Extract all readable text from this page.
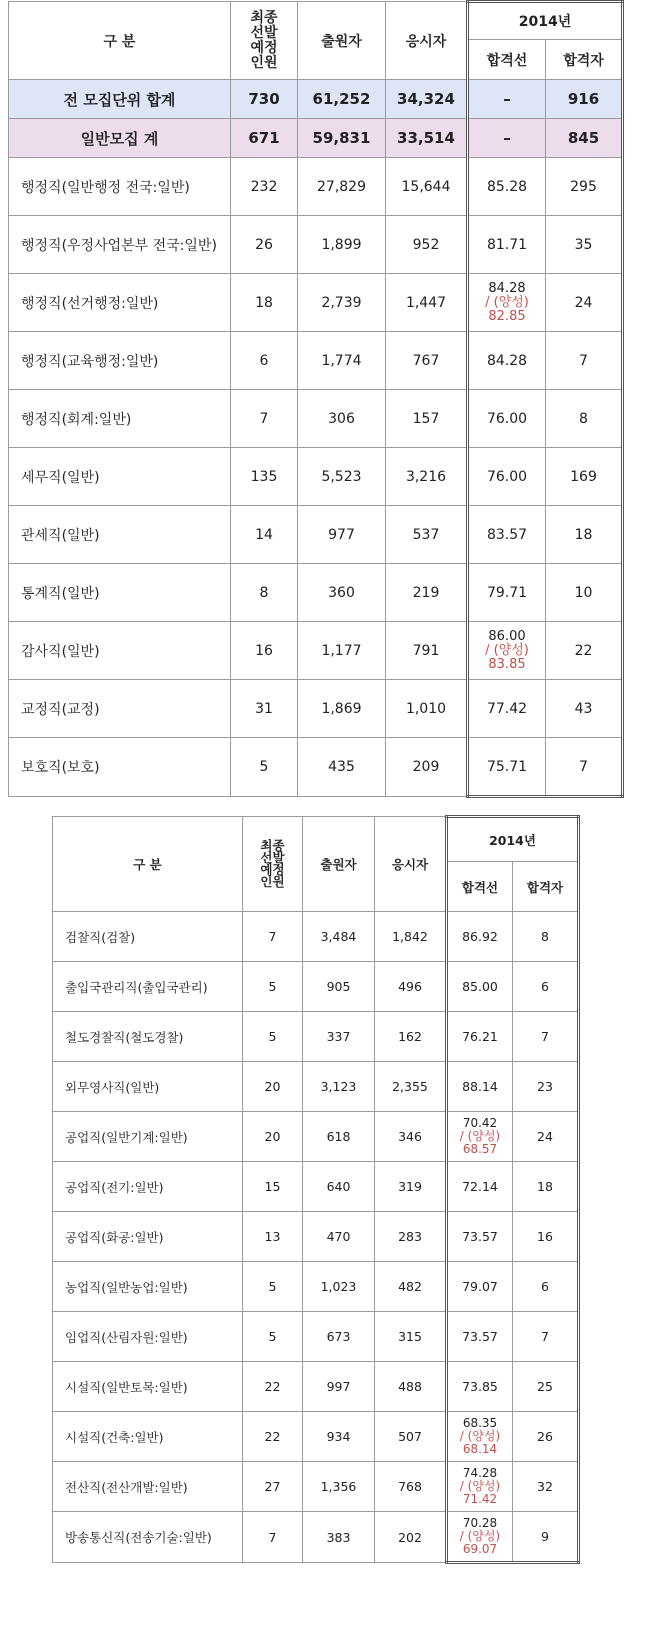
구 분	최종
선발
예정
인원	출원자	응시자	2014년	
				합격선	합격자
전 모집단위 합계	730	61,252	34,324	–	916
일반모집 계	671	59,831	33,514	–	845
행정직(일반행정 전국:일반)	232	27,829	15,644	85.28	295
행정직(우정사업본부 전국:일반)	26	1,899	952	81.71	35
행정직(선거행정:일반)	18	2,739	1,447	84.28
/ (양성)
82.85	24
행정직(교육행정:일반)	6	1,774	767	84.28	7
행정직(회계:일반)	7	306	157	76.00	8
세무직(일반)	135	5,523	3,216	76.00	169
관세직(일반)	14	977	537	83.57	18
통계직(일반)	8	360	219	79.71	10
감사직(일반)	16	1,177	791	86.00
/ (양성)
83.85	22
교정직(교정)	31	1,869	1,010	77.42	43
보호직(보호)	5	435	209	75.71	7
구 분	최종
선발
예정
인원	출원자	응시자	2014년	
				합격선	합격자
검찰직(검찰)	7	3,484	1,842	86.92	8
출입국관리직(출입국관리)	5	905	496	85.00	6
철도경찰직(철도경찰)	5	337	162	76.21	7
외무영사직(일반)	20	3,123	2,355	88.14	23
공업직(일반기계:일반)	20	618	346	70.42
/ (양성)
68.57	24
공업직(전기:일반)	15	640	319	72.14	18
공업직(화공:일반)	13	470	283	73.57	16
농업직(일반농업:일반)	5	1,023	482	79.07	6
임업직(산림자원:일반)	5	673	315	73.57	7
시설직(일반토목:일반)	22	997	488	73.85	25
시설직(건축:일반)	22	934	507	68.35
/ (양성)
68.14	26
전산직(전산개발:일반)	27	1,356	768	74.28
/ (양성)
71.42	32
방송통신직(전송기술:일반)	7	383	202	70.28
/ (양성)
69.07	9
